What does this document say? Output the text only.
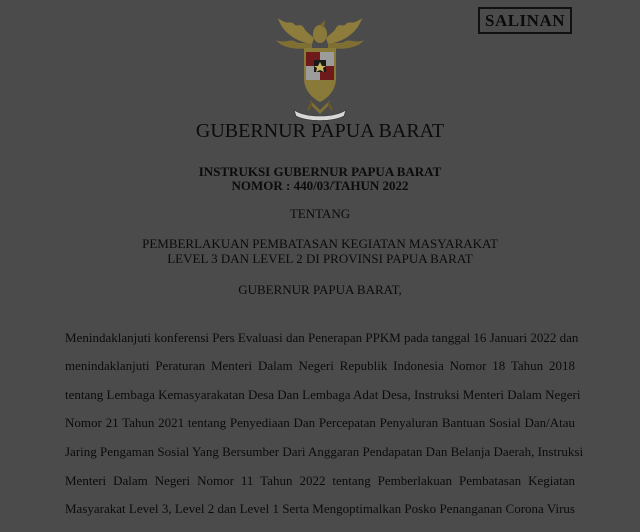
SALINAN
GUBERNUR PAPUA BARAT
INSTRUKSI GUBERNUR PAPUA BARAT
NOMOR : 440/03/TAHUN 2022
TENTANG
PEMBERLAKUAN PEMBATASAN KEGIATAN MASYARAKAT
LEVEL 3 DAN LEVEL 2 DI PROVINSI PAPUA BARAT
GUBERNUR PAPUA BARAT,
Menindaklanjuti konferensi Pers Evaluasi dan Penerapan PPKM pada tanggal 16 Januari 2022 dan
menindaklanjuti Peraturan Menteri Dalam Negeri Republik Indonesia Nomor 18 Tahun 2018
tentang Lembaga Kemasyarakatan Desa Dan Lembaga Adat Desa, Instruksi Menteri Dalam Negeri
Nomor 21 Tahun 2021 tentang Penyediaan Dan Percepatan Penyaluran Bantuan Sosial Dan/Atau
Jaring Pengaman Sosial Yang Bersumber Dari Anggaran Pendapatan Dan Belanja Daerah, Instruksi
Menteri Dalam Negeri Nomor 11 Tahun 2022 tentang Pemberlakuan Pembatasan Kegiatan
Masyarakat Level 3, Level 2 dan Level 1 Serta Mengoptimalkan Posko Penanganan Corona Virus
